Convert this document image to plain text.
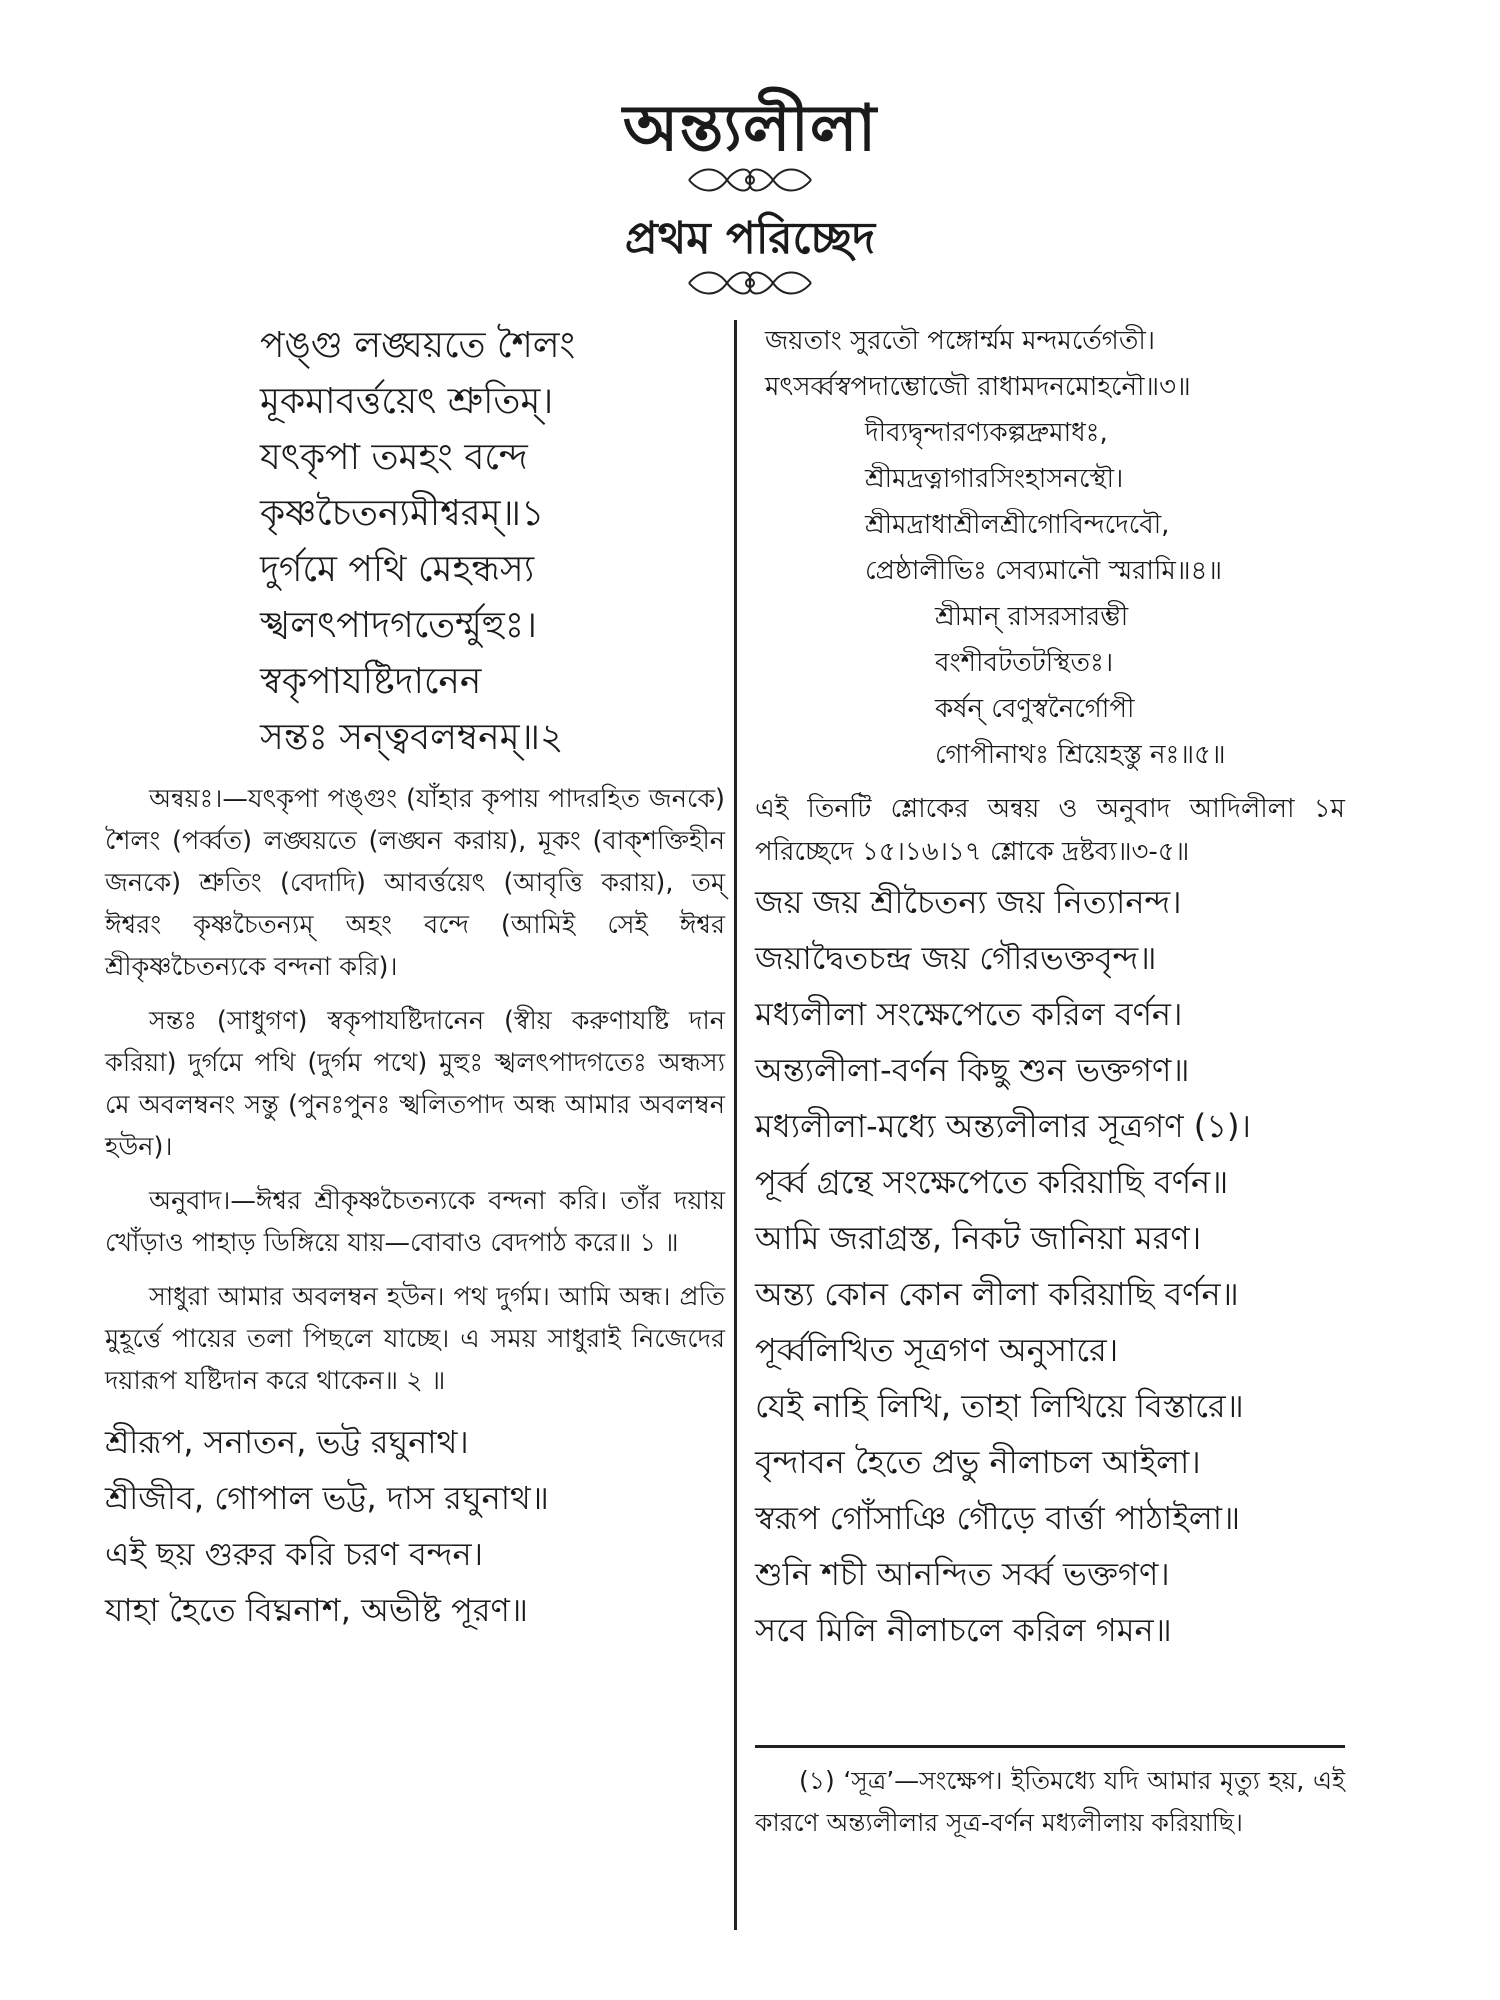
অন্ত্যলীলা
প্রথম পরিচ্ছেদ
পঙ্গু লঙ্ঘয়তে শৈলং
মূকমাবর্ত্তয়েৎ শ্রুতিম্।
যৎকৃপা তমহং বন্দে
কৃষ্ণচৈতন্যমীশ্বরম্॥১
দুর্গমে পথি মেহন্ধস্য
স্খলৎপাদগতের্ম্মুহুঃ।
স্বকৃপাযষ্টিদানেন
সন্তঃ সন্ত্ববলম্বনম্॥২

অন্বয়ঃ।—যৎকৃপা পঙ্গুং (যাঁহার কৃপায় পাদরহিত জনকে) শৈলং (পর্ব্বত) লঙ্ঘয়তে (লঙ্ঘন করায়), মূকং (বাক্‌শক্তিহীন জনকে) শ্রুতিং (বেদাদি) আবর্ত্তয়েৎ (আবৃত্তি করায়), তম্ ঈশ্বরং কৃষ্ণচৈতন্যম্ অহং বন্দে (আমিই সেই ঈশ্বর শ্রীকৃষ্ণচৈতন্যকে বন্দনা করি)।

সন্তঃ (সাধুগণ) স্বকৃপাযষ্টিদানেন (স্বীয় করুণাযষ্টি দান করিয়া) দুর্গমে পথি (দুর্গম পথে) মুহুঃ স্খলৎপাদগতেঃ অন্ধস্য মে অবলম্বনং সন্তু (পুনঃপুনঃ স্খলিতপাদ অন্ধ আমার অবলম্বন হউন)।

অনুবাদ।—ঈশ্বর শ্রীকৃষ্ণচৈতন্যকে বন্দনা করি। তাঁর দয়ায় খোঁড়াও পাহাড় ডিঙ্গিয়ে যায়—বোবাও বেদপাঠ করে॥ ১ ॥

সাধুরা আমার অবলম্বন হউন। পথ দুর্গম। আমি অন্ধ। প্রতি মুহূর্ত্তে পায়ের তলা পিছলে যাচ্ছে। এ সময় সাধুরাই নিজেদের দয়ারূপ যষ্টিদান করে থাকেন॥ ২ ॥

শ্রীরূপ, সনাতন, ভট্ট রঘুনাথ।
শ্রীজীব, গোপাল ভট্ট, দাস রঘুনাথ॥
এই ছয় গুরুর করি চরণ বন্দন।
যাহা হৈতে বিঘ্ননাশ, অভীষ্ট পূরণ॥
জয়তাং সুরতৌ পঙ্গোর্ম্মম মন্দমর্তেগতী।
মৎসর্ব্বস্বপদাম্ভোজৌ রাধামদনমোহনৌ॥৩॥
দীব্যদ্বৃন্দারণ্যকল্পদ্রুমাধঃ,
শ্রীমদ্রত্নাগারসিংহাসনস্থৌ।
শ্রীমদ্রাধাশ্রীলশ্রীগোবিন্দদেবৌ,
প্রেষ্ঠালীভিঃ সেব্যমানৌ স্মরামি॥৪॥
শ্রীমান্ রাসরসারম্ভী
বংশীবটতটস্থিতঃ।
কর্ষন্ বেণুস্বনৈর্গোপী
গোপীনাথঃ শ্রিয়েহস্তু নঃ॥৫॥
এই তিনটি শ্লোকের অন্বয় ও অনুবাদ আদিলীলা ১ম পরিচ্ছেদে ১৫।১৬।১৭ শ্লোকে দ্রষ্টব্য॥৩-৫॥
জয় জয় শ্রীচৈতন্য জয় নিত্যানন্দ।
জয়াদ্বৈতচন্দ্র জয় গৌরভক্তবৃন্দ॥
মধ্যলীলা সংক্ষেপেতে করিল বর্ণন।
অন্ত্যলীলা-বর্ণন কিছু শুন ভক্তগণ॥
মধ্যলীলা-মধ্যে অন্ত্যলীলার সূত্রগণ (১)।
পূর্ব্ব গ্রন্থে সংক্ষেপেতে করিয়াছি বর্ণন॥
আমি জরাগ্রস্ত, নিকট জানিয়া মরণ।
অন্ত্য কোন কোন লীলা করিয়াছি বর্ণন॥
পূর্ব্বলিখিত সূত্রগণ অনুসারে।
যেই নাহি লিখি, তাহা লিখিয়ে বিস্তারে॥
বৃন্দাবন হৈতে প্রভু নীলাচল আইলা।
স্বরূপ গোঁসাঞি গৌড়ে বার্ত্তা পাঠাইলা॥
শুনি শচী আনন্দিত সর্ব্ব ভক্তগণ।
সবে মিলি নীলাচলে করিল গমন॥
(১) ‘সূত্র’—সংক্ষেপ। ইতিমধ্যে যদি আমার মৃত্যু হয়, এই কারণে অন্ত্যলীলার সূত্র-বর্ণন মধ্যলীলায় করিয়াছি।
